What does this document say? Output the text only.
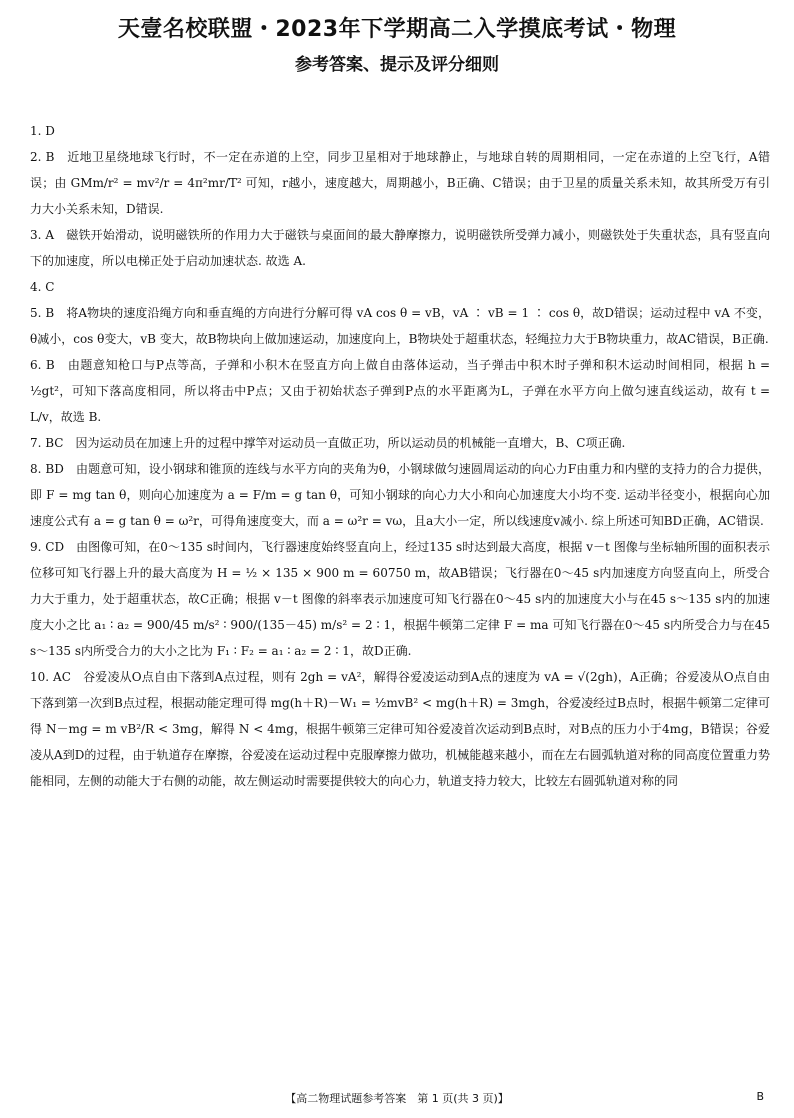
天壹名校联盟・2023年下学期高二入学摸底考试・物理
参考答案、提示及评分细则

1. D

2. B　近地卫星绕地球飞行时，不一定在赤道的上空，同步卫星相对于地球静止，与地球自转的周期相同，一定在赤道的上空飞行，A错误；由 GMm/r² = mv²/r = 4π²mr/T² 可知，r越小，速度越大，周期越小，B正确、C错误；由于卫星的质量关系未知，故其所受万有引力大小关系未知，D错误.

3. A　磁铁开始滑动，说明磁铁所的作用力大于磁铁与桌面间的最大静摩擦力，说明磁铁所受弹力减小，则磁铁处于失重状态，具有竖直向下的加速度，所以电梯正处于启动加速状态. 故选 A.

4. C

5. B　将A物块的速度沿绳方向和垂直绳的方向进行分解可得 vA cos θ = vB，vA ∶ vB = 1 ∶ cos θ，故D错误；运动过程中 vA 不变，θ减小，cos θ变大，vB 变大，故B物块向上做加速运动，加速度向上，B物块处于超重状态，轻绳拉力大于B物块重力，故AC错误，B正确.

6. B　由题意知枪口与P点等高，子弹和小积木在竖直方向上做自由落体运动，当子弹击中积木时子弹和积木运动时间相同，根据 h = ½gt²，可知下落高度相同，所以将击中P点；又由于初始状态子弹到P点的水平距离为L，子弹在水平方向上做匀速直线运动，故有 t = L/v，故选 B.

7. BC　因为运动员在加速上升的过程中撑竿对运动员一直做正功，所以运动员的机械能一直增大，B、C项正确.

8. BD　由题意可知，设小钢球和锥顶的连线与水平方向的夹角为θ，小钢球做匀速圆周运动的向心力F由重力和内壁的支持力的合力提供，即 F = mg tan θ，则向心加速度为 a = F/m = g tan θ，可知小钢球的向心力大小和向心加速度大小均不变. 运动半径变小，根据向心加速度公式有 a = g tan θ = ω²r，可得角速度变大，而 a = ω²r = vω，且a大小一定，所以线速度v减小. 综上所述可知BD正确，AC错误.

9. CD　由图像可知，在0～135 s时间内，飞行器速度始终竖直向上，经过135 s时达到最大高度，根据 v－t 图像与坐标轴所围的面积表示位移可知飞行器上升的最大高度为 H = ½ × 135 × 900 m = 60750 m，故AB错误；飞行器在0～45 s内加速度方向竖直向上，所受合力大于重力，处于超重状态，故C正确；根据 v－t 图像的斜率表示加速度可知飞行器在0～45 s内的加速度大小与在45 s～135 s内的加速度大小之比 a₁ ∶ a₂ = 900/45 m/s² ∶ 900/(135－45) m/s² = 2 ∶ 1，根据牛顿第二定律 F = ma 可知飞行器在0～45 s内所受合力与在45 s～135 s内所受合力的大小之比为 F₁ ∶ F₂ = a₁ ∶ a₂ = 2 ∶ 1，故D正确.

10. AC　谷爱凌从O点自由下落到A点过程，则有 2gh = vA²，解得谷爱凌运动到A点的速度为 vA = √(2gh)，A正确；谷爱凌从O点自由下落到第一次到B点过程，根据动能定理可得 mg(h＋R)－W₁ = ½mvB² < mg(h＋R) = 3mgh，谷爱凌经过B点时，根据牛顿第二定律可得 N－mg = m vB²/R < 3mg，解得 N < 4mg，根据牛顿第三定律可知谷爱凌首次运动到B点时，对B点的压力小于4mg，B错误；谷爱凌从A到D的过程，由于轨道存在摩擦，谷爱凌在运动过程中克服摩擦力做功，机械能越来越小，而在左右圆弧轨道对称的同高度位置重力势能相同，左侧的动能大于右侧的动能，故左侧运动时需要提供较大的向心力，轨道支持力较大，比较左右圆弧轨道对称的同

【高二物理试题参考答案　第 1 页(共 3 页)】	B
